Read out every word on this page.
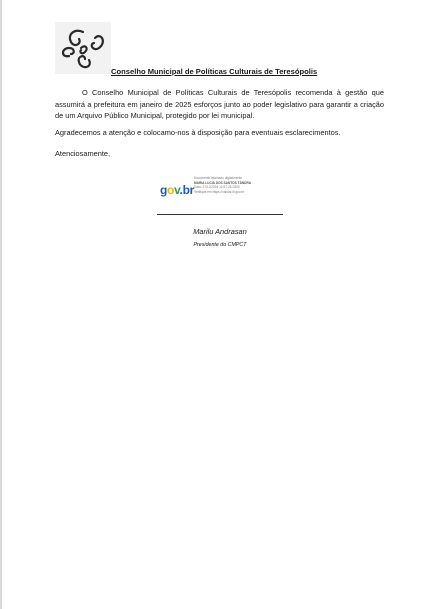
Conselho Municipal de Políticas Culturais de Teresópolis
O Conselho Municipal de Políticas Culturais de Teresópolis recomenda à gestão que assumirá a prefeitura em janeiro de 2025 esforços junto ao poder legislativo para garantir a criação de um Arquivo Público Municipal, protegido por lei municipal.
Agradecemos a atenção e colocamo-nos à disposição para eventuais esclarecimentos.
Atenciosamente,
gov.br
Documento assinado digitalmente
MARIA LUCIA DOS SANTOS TÂNDRA
Data: 27/11/2024 12:57:26-0300
Verifique em https://validar.iti.gov.br
Marilu Andrasan
Presidente do CMPCT
